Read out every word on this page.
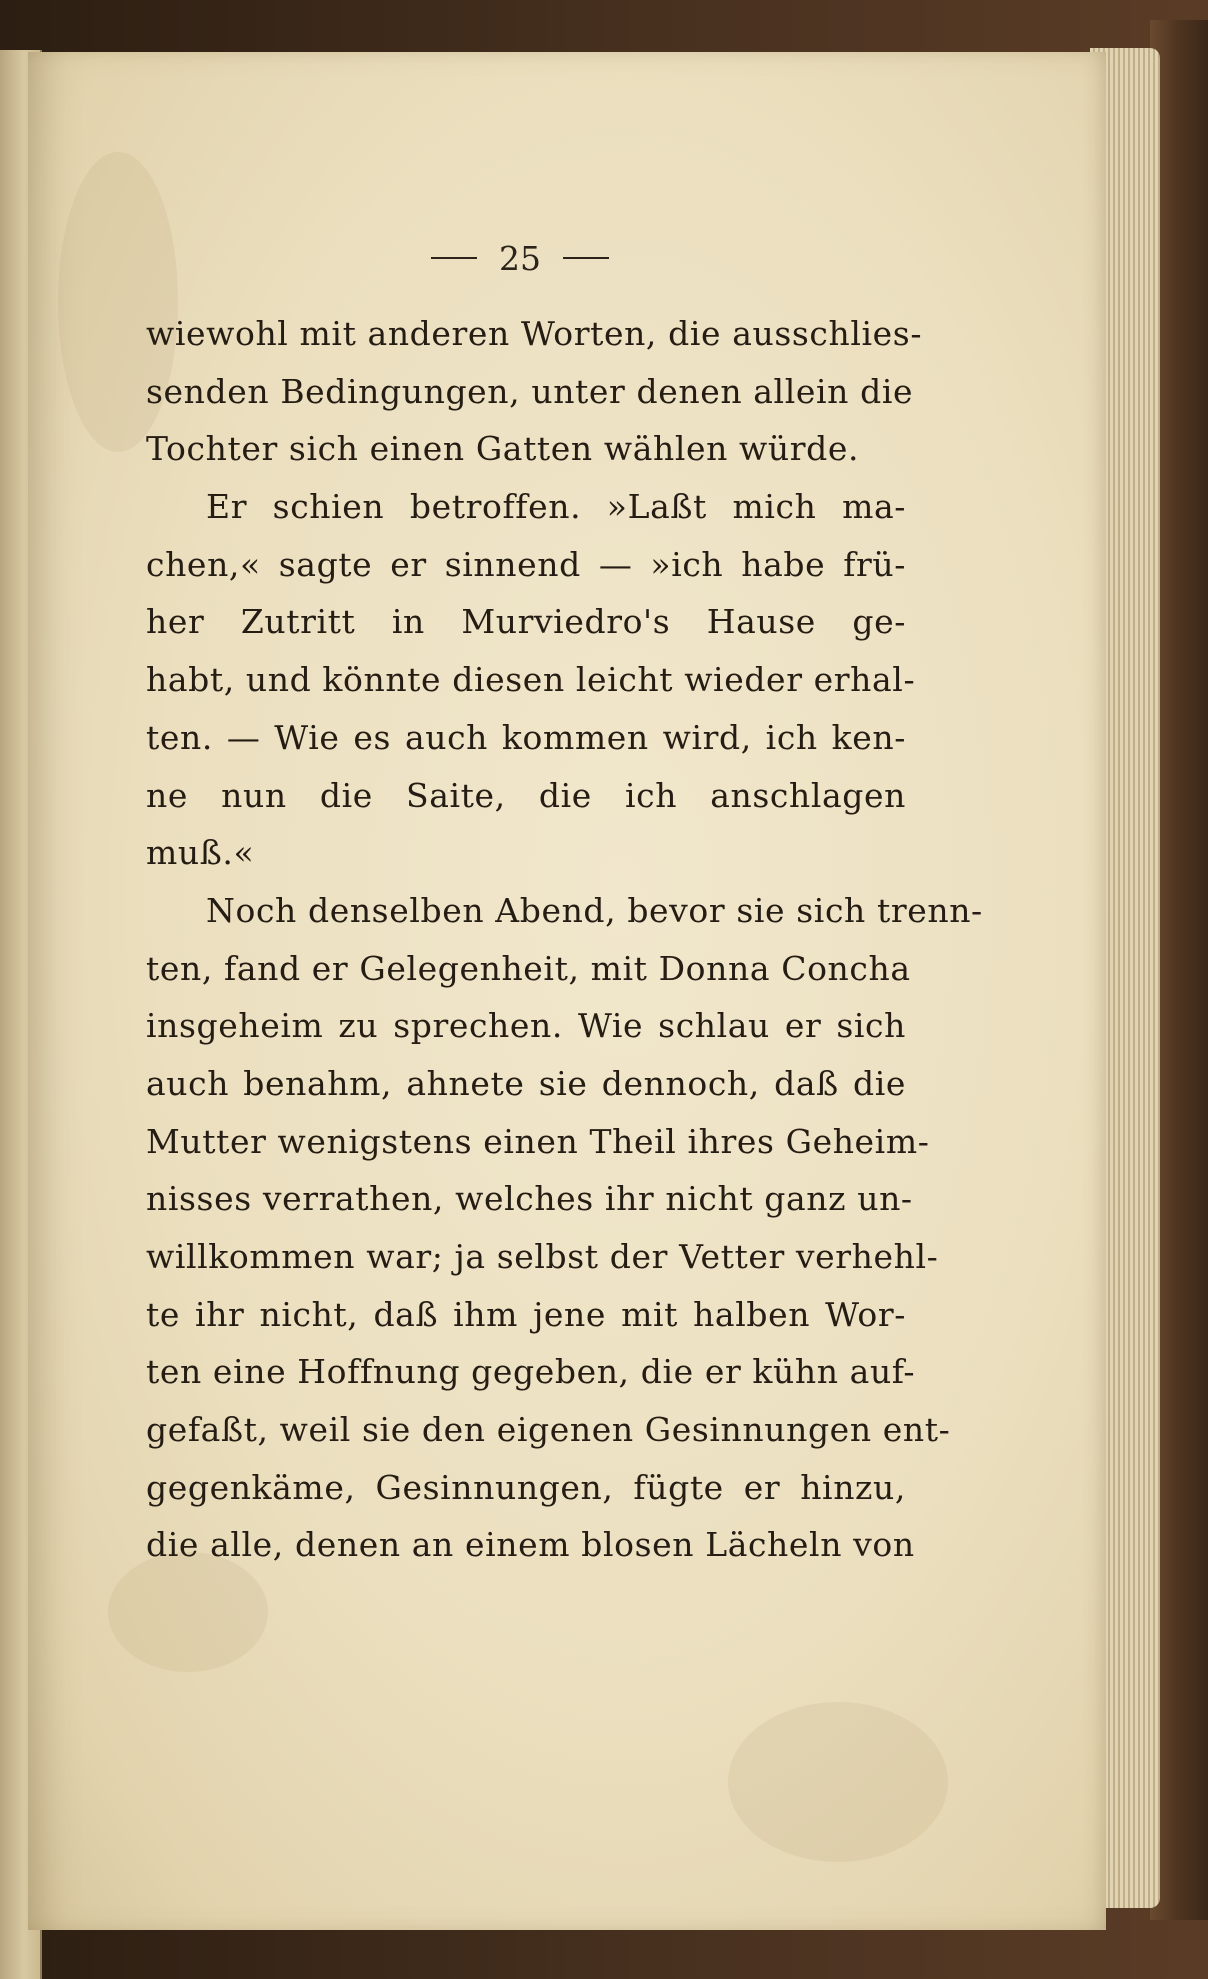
25
wiewohl mit anderen Worten, die ausschlies-
senden Bedingungen, unter denen allein die
Tochter sich einen Gatten wählen würde.
Er schien betroffen. »Laßt mich ma-
chen,« sagte er sinnend — »ich habe frü-
her Zutritt in Murviedro's Hause ge-
habt, und könnte diesen leicht wieder erhal-
ten. — Wie es auch kommen wird, ich ken-
ne nun die Saite, die ich anschlagen
muß.«
Noch denselben Abend, bevor sie sich trenn-
ten, fand er Gelegenheit, mit Donna Concha
insgeheim zu sprechen. Wie schlau er sich
auch benahm, ahnete sie dennoch, daß die
Mutter wenigstens einen Theil ihres Geheim-
nisses verrathen, welches ihr nicht ganz un-
willkommen war; ja selbst der Vetter verhehl-
te ihr nicht, daß ihm jene mit halben Wor-
ten eine Hoffnung gegeben, die er kühn auf-
gefaßt, weil sie den eigenen Gesinnungen ent-
gegenkäme, Gesinnungen, fügte er hinzu,
die alle, denen an einem blosen Lächeln von
